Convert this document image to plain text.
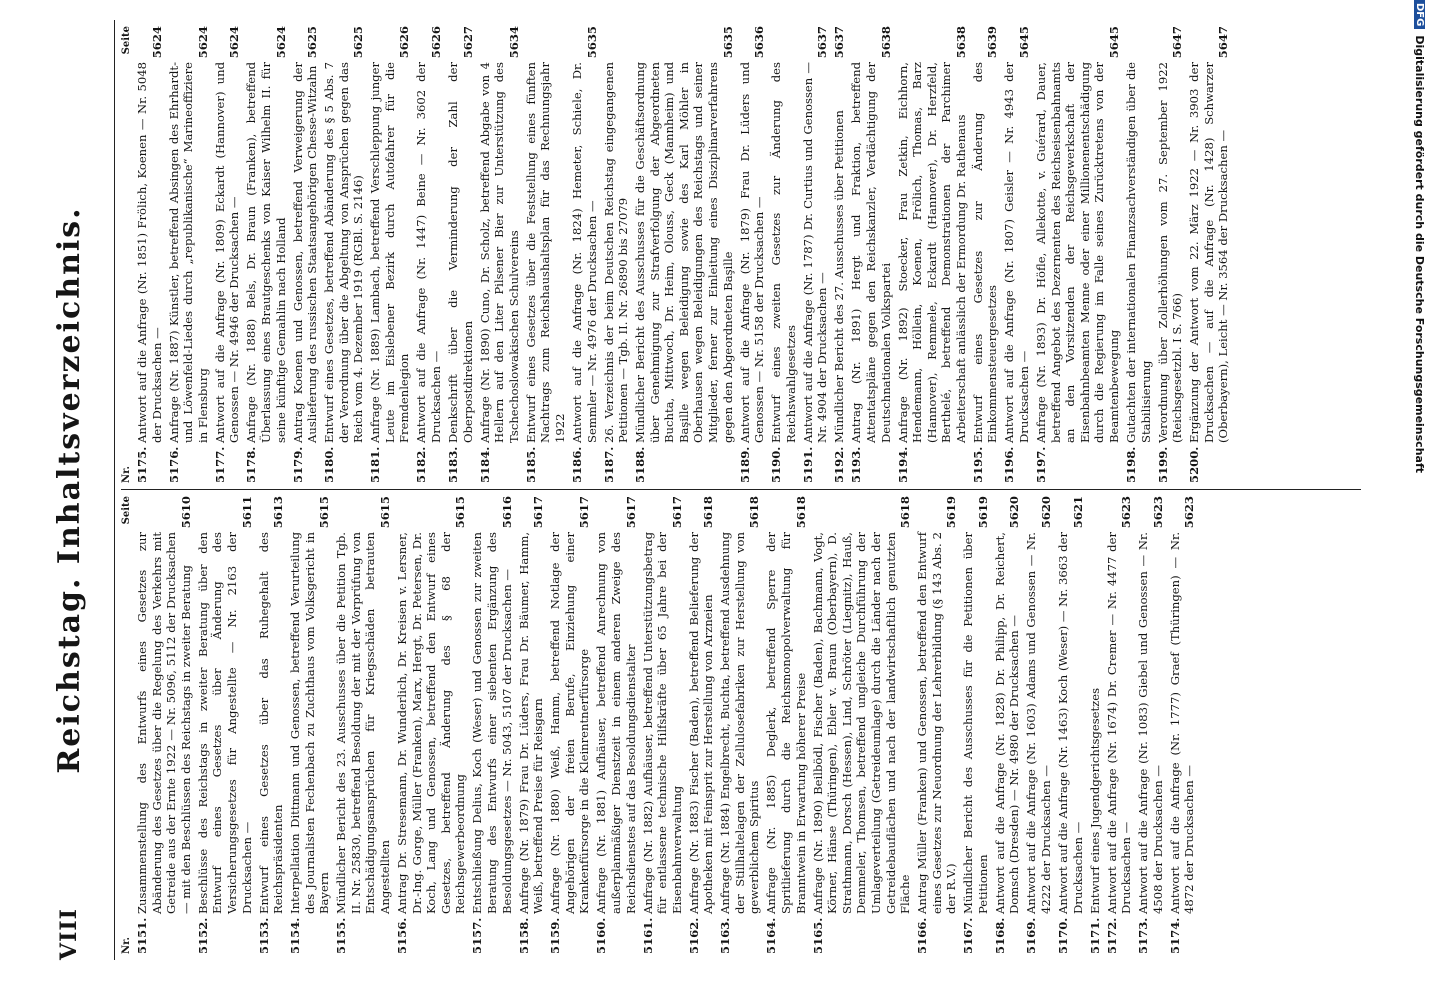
VIII
Reichstag. Inhaltsverzeichnis.
Nr.
Seite
5151.
Zusammenstellung des Entwurfs eines Gesetzes zur Abänderung des Gesetzes über die Regelung des Verkehrs mit Getreide aus der Ernte 1922 — Nr. 5096, 5112 der Drucksachen — mit den Beschlüssen des Reichstags in zweiter Beratung
5610
5152.
Beschlüsse des Reichstags in zweiter Beratung über den Entwurf eines Gesetzes über Änderung des Versicherungsgesetzes für Angestellte — Nr. 2163 der Drucksachen —
5611
5153.
Entwurf eines Gesetzes über das Ruhegehalt des Reichspräsidenten
5613
5154.
Interpellation Dittmann und Genossen, betreffend Verurteilung des Journalisten Fechenbach zu Zuchthaus vom Volksgericht in Bayern
5615
5155.
Mündlicher Bericht des 23. Ausschusses über die Petition Tgb. II. Nr. 25830, betreffend Besoldung der mit der Vorprüfung von Entschädigungsansprüchen für Kriegsschäden betrauten Angestellten
5615
5156.
Antrag Dr. Stresemann, Dr. Wunderlich, Dr. Kreisen v. Lersner, Dr.-Ing. Gorge, Müller (Franken), Marx, Hergt, Dr. Petersen, Dr. Koch, Lang und Genossen, betreffend den Entwurf eines Gesetzes, betreffend Änderung des § 68 der Reichsgewerbeordnung
5615
5157.
Entschließung Delius, Koch (Weser) und Genossen zur zweiten Beratung des Entwurfs einer siebenten Ergänzung des Besoldungsgesetzes — Nr. 5043, 5107 der Drucksachen —
5616
5158.
Anfrage (Nr. 1879) Frau Dr. Lüders, Frau Dr. Bäumer, Hamm, Weiß, betreffend Preise für Reisgarn
5617
5159.
Anfrage (Nr. 1880) Weiß, Hamm, betreffend Notlage der Angehörigen der freien Berufe, Einziehung einer Krankenfürsorge in die Kleinrentnerfürsorge
5617
5160.
Anfrage (Nr. 1881) Aufhäuser, betreffend Anrechnung von außerplanmäßiger Dienstzeit in einem anderen Zweige des Reichsdienstes auf das Besoldungsdienstalter
5617
5161.
Anfrage (Nr. 1882) Aufhäuser, betreffend Unterstützungsbetrag für entlassene technische Hilfskräfte über 65 Jahre bei der Eisenbahnverwaltung
5617
5162.
Anfrage (Nr. 1883) Fischer (Baden), betreffend Belieferung der Apotheken mit Feinsprit zur Herstellung von Arzneien
5618
5163.
Anfrage (Nr. 1884) Engelbrecht, Buchta, betreffend Ausdehnung der Stillhaltelagen der Zellulosefabriken zur Herstellung von gewerblichem Spiritus
5618
5164.
Anfrage (Nr. 1885) Deglerk, betreffend Sperre der Spritlieferung durch die Reichsmonopolverwaltung für Branntwein in Erwartung höherer Preise
5618
5165.
Anfrage (Nr. 1890) Beilbödl, Fischer (Baden), Bachmann, Vogt, Körner, Hänse (Thüringen), Ebler v. Braun (Oberbayern), D. Strathmann, Dorsch (Hessen), Lind, Schröter (Liegnitz), Hauß, Demmeler, Thomsen, betreffend ungleiche Durchführung der Umlageverteilung (Getreideumlage) durch die Länder nach der Getreidebauflächen und nach der landwirtschaftlich genutzten Fläche
5618
5166.
Antrag Müller (Franken) und Genossen, betreffend den Entwurf eines Gesetzes zur Neuordnung der Lehrerbildung (§ 143 Abs. 2 der R.V.)
5619
5167.
Mündlicher Bericht des Ausschusses für die Petitionen über Petitionen
5619
5168.
Antwort auf die Anfrage (Nr. 1828) Dr. Philipp, Dr. Reichert, Domsch (Dresden) — Nr. 4980 der Drucksachen —
5620
5169.
Antwort auf die Anfrage (Nr. 1603) Adams und Genossen — Nr. 4222 der Drucksachen —
5620
5170.
Antwort auf die Anfrage (Nr. 1463) Koch (Weser) — Nr. 3663 der Drucksachen —
5621
5171.
Entwurf eines Jugendgerichtsgesetzes
5172.
Antwort auf die Anfrage (Nr. 1674) Dr. Cremer — Nr. 4477 der Drucksachen —
5623
5173.
Antwort auf die Anfrage (Nr. 1083) Giebel und Genossen — Nr. 4508 der Drucksachen —
5623
5174.
Antwort auf die Anfrage (Nr. 1777) Graef (Thüringen) — Nr. 4872 der Drucksachen —
5623
Nr.
Seite
5175.
Antwort auf die Anfrage (Nr. 1851) Frölich, Koenen — Nr. 5048 der Drucksachen —
5624
5176.
Anfrage (Nr. 1887) Künstler, betreffend Absingen des Ehrhardt- und Löwenfeld-Liedes durch „republikanische“ Marineoffiziere in Flensburg
5624
5177.
Antwort auf die Anfrage (Nr. 1809) Eckardt (Hannover) und Genossen — Nr. 4946 der Drucksachen —
5624
5178.
Anfrage (Nr. 1888) Bels, Dr. Braun (Franken), betreffend Überlassung eines Brautgeschenks von Kaiser Wilhelm II. für seine künftige Gemahlin nach Holland
5624
5179.
Antrag Koenen und Genossen, betreffend Verweigerung der Auslieferung des russischen Staatsangehörigen Chesse-Witzahn
5625
5180.
Entwurf eines Gesetzes, betreffend Abänderung des § 5 Abs. 7 der Verordnung über die Abgeltung von Ansprüchen gegen das Reich vom 4. Dezember 1919 (RGBl. S. 2146)
5625
5181.
Anfrage (Nr. 1889) Lambach, betreffend Verschleppung junger Leute im Eislebener Bezirk durch Autofahrer für die Fremdenlegion
5626
5182.
Antwort auf die Anfrage (Nr. 1447) Beine — Nr. 3602 der Drucksachen —
5626
5183.
Denkschrift über die Verminderung der Zahl der Oberpostdirektionen
5627
5184.
Anfrage (Nr. 1890) Cuno, Dr. Scholz, betreffend Abgabe von 4 Hellern auf den Liter Pilsener Bier zur Unterstützung des Tschechoslowakischen Schulvereins
5634
5185.
Entwurf eines Gesetzes über die Feststellung eines fünften Nachtrags zum Reichshaushaltsplan für das Rechnungsjahr 1922
5186.
Antwort auf die Anfrage (Nr. 1824) Hemeter, Schiele, Dr. Semmler — Nr. 4976 der Drucksachen —
5635
5187.
26. Verzeichnis der beim Deutschen Reichstag eingegangenen Petitionen — Tgb. II. Nr. 26890 bis 27079
5188.
Mündlicher Bericht des Ausschusses für die Geschäftsordnung über Genehmigung zur Strafverfolgung der Abgeordneten Buchta, Mittwoch, Dr. Heim, Olouss, Geck (Mannheim) und Başille wegen Beleidigung sowie des Karl Möhler in Oberhausen wegen Beleidigungen des Reichstags und seiner Mitglieder, ferner zur Einleitung eines Disziplinarverfahrens gegen den Abgeordneten Başille
5635
5189.
Antwort auf die Anfrage (Nr. 1879) Frau Dr. Lüders und Genossen — Nr. 5158 der Drucksachen —
5636
5190.
Entwurf eines zweiten Gesetzes zur Änderung des Reichswahlgesetzes
5191.
Antwort auf die Anfrage (Nr. 1787) Dr. Curtius und Genossen — Nr. 4904 der Drucksachen —
5637
5192.
Mündlicher Bericht des 27. Ausschusses über Petitionen
5637
5193.
Antrag (Nr. 1891) Hergt und Fraktion, betreffend Attentatspläne gegen den Reichskanzler, Verdächtigung der Deutschnationalen Volkspartei
5638
5194.
Anfrage (Nr. 1892) Stoecker, Frau Zetkin, Eichhorn, Hendemann, Höllein, Koenen, Frölich, Thomas, Barz (Hannover), Remmele, Eckardt (Hannover), Dr. Herzfeld, Berthelé, betreffend Demonstrationen der Parchimer Arbeiterschaft anlässlich der Ermordung Dr. Rathenaus
5638
5195.
Entwurf eines Gesetzes zur Änderung des Einkommensteuergesetzes
5639
5196.
Antwort auf die Anfrage (Nr. 1807) Geisler — Nr. 4943 der Drucksachen —
5645
5197.
Anfrage (Nr. 1893) Dr. Höfle, Allekotte, v. Guérard, Dauer, betreffend Angebot des Dezernenten des Reichseisenbahnamts an den Vorsitzenden der Reichsgewerkschaft der Eisenbahnbeamten Menne oder einer Millionenentschädigung durch die Regierung im Falle seines Zurücktretens von der Beamtenbewegung
5645
5198.
Gutachten der internationalen Finanzsachverständigen über die Stabilisierung
5199.
Verordnung über Zollerhöhungen vom 27. September 1922 (Reichsgesetzbl. I S. 766)
5647
5200.
Ergänzung der Antwort vom 22. März 1922 — Nr. 3903 der Drucksachen — auf die Anfrage (Nr. 1428) Schwarzer (Oberbayern), Leicht — Nr. 3564 der Drucksachen —
5647
DFG
Digitalisierung gefördert durch die Deutsche Forschungsgemeinschaft
